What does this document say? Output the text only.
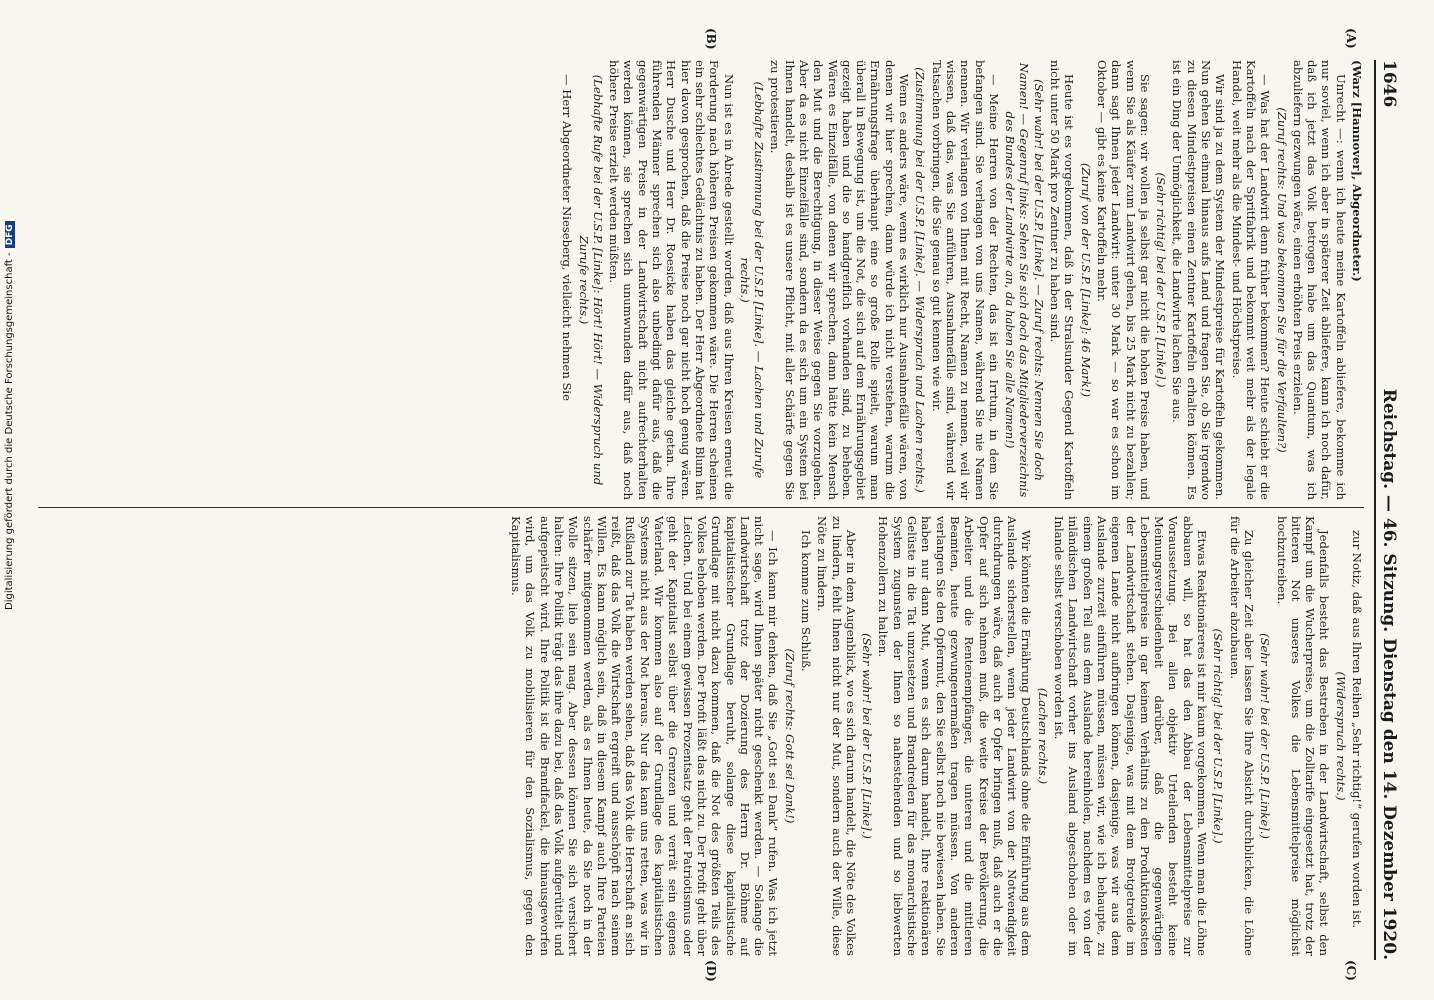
1646
Reichstag. — 46. Sitzung. Dienstag den 14. Dezember 1920.
(A)
(B)
(C)
(D)

(Warz [Hannover], Abgeordneter.)

Unrecht —: wenn ich heute meine Kartoffeln abliefere, bekomme ich nur soviel, wenn ich aber in späterer Zeit abliefere, kann ich noch dafür, daß ich jetzt das Volk betrogen habe um das Quantum, was ich abzuliefern gezwungen wäre, einen erhöhten Preis erzielen.

(Zuruf rechts: Und was bekommen Sie für die Verfaulten?)

— Was hat der Landwirt denn früher bekommen? Heute schiebt er die Kartoffeln nach der Spritfabrik und bekommt weit mehr als der legale Handel, weit mehr als die Mindest- und Höchstpreise.

Wir sind ja zu dem System der Mindestpreise für Kartoffeln gekommen. Nun gehen Sie einmal hinaus aufs Land und fragen Sie, ob Sie irgendwo zu diesen Mindestpreisen einen Zentner Kartoffeln erhalten können. Es ist ein Ding der Unmöglichkeit, die Landwirte lachen Sie aus.

(Sehr richtig! bei der U.S.P. [Linke].)

Sie sagen: wir wollen ja selbst gar nicht die hohen Preise haben, und wenn Sie als Käufer zum Landwirt gehen, bis 25 Mark nicht zu bezahlen; dann sagt Ihnen jeder Landwirt: unter 30 Mark — so war es schon im Oktober — gibt es keine Kartoffeln mehr.

(Zuruf von der U.S.P. [Linke]: 46 Mark!)

Heute ist es vorgekommen, daß in der Stralsunder Gegend Kartoffeln nicht unter 50 Mark pro Zentner zu haben sind.

(Sehr wahr! bei der U.S.P. [Linke]. — Zuruf rechts: Nennen Sie doch Namen! — Gegenruf links: Sehen Sie sich doch das Mitgliederverzeichnis des Bundes der Landwirte an, da haben Sie alle Namen!)

— Meine Herren von der Rechten, das ist ein Irrtum, in dem Sie befangen sind. Sie verlangen von uns Namen, während Sie nie Namen nennen. Wir verlangen von Ihnen mit Recht, Namen zu nennen, weil wir wissen, daß das, was Sie anführen, Ausnahmefälle sind, während wir Tatsachen vorbringen, die Sie genau so gut kennen wie wir.

(Zustimmung bei der U.S.P. [Linke]. — Widerspruch und Lachen rechts.)

Wenn es anders wäre, wenn es wirklich nur Ausnahmefälle wären, von denen wir hier sprechen, dann würde ich nicht verstehen, warum die Ernährungsfrage überhaupt eine so große Rolle spielt, warum man überall in Bewegung ist, um die Not, die sich auf dem Ernährungsgebiet gezeigt haben und die so handgreiflich vorhanden sind, zu beheben. Wären es Einzelfälle, von denen wir sprechen, dann hätte kein Mensch den Mut und die Berechtigung, in dieser Weise gegen Sie vorzugehen. Aber da es nicht Einzelfälle sind, sondern da es sich um ein System bei Ihnen handelt, deshalb ist es unsere Pflicht, mit aller Schärfe gegen Sie zu protestieren.

(Lebhafte Zustimmung bei der U.S.P. [Linke]. — Lachen und Zurufe rechts.)

Nun ist es in Abrede gestellt worden, daß aus Ihren Kreisen erneut die Forderung nach höheren Preisen gekommen wäre. Die Herren scheinen ein sehr schlechtes Gedächtnis zu haben. Der Herr Abgeordnete Blum hat hier davon gesprochen, daß die Preise noch gar nicht hoch genug wären. Herr Dusche und Herr Dr. Roesicke haben das gleiche getan. Ihre führenden Männer sprechen sich also unbedingt dafür aus, daß die gegenwärtigen Preise in der Landwirtschaft nicht aufrechterhalten werden können, sie sprechen sich unumwunden dafür aus, daß noch höhere Preise erzielt werden müßten.

(Lebhafte Rufe bei der U.S.P. [Linke]: Hört! Hört! — Widerspruch und Zurufe rechts.)

— Herr Abgeordneter Nieseberg, vielleicht nehmen Sie

zur Notiz, daß aus Ihren Reihen „Sehr richtig!“ gerufen worden ist.

(Widerspruch rechts.)

Jedenfalls besteht das Bestreben in der Landwirtschaft, selbst den Kampf um die Wucherpreise, um die Zolltarife eingesetzt hat, trotz der bitteren Not unseres Volkes die Lebensmittelpreise möglichst hochzutreiben.

(Sehr wahr! bei der U.S.P. [Linke].)

Zu gleicher Zeit aber lassen Sie Ihre Absicht durchblicken, die Löhne für die Arbeiter abzubauen.

(Sehr richtig! bei der U.S.P. [Linke].)

Etwas Reaktionäreres ist mir kaum vorgekommen. Wenn man die Löhne abbauen will, so hat das den Abbau der Lebensmittelpreise zur Voraussetzung. Bei allen objektiv Urteilenden besteht keine Meinungsverschiedenheit darüber, daß die gegenwärtigen Lebensmittelpreise in gar keinem Verhältnis zu den Produktionskosten der Landwirtschaft stehen. Dasjenige, was mit dem Brotgetreide im eigenen Lande nicht aufbringen können, dasjenige, was wir aus dem Auslande zurzeit einführen müssen, müssen wir, wie ich behaupte, zu einem großen Teil aus dem Auslande hereinholen, nachdem es von der inländischen Landwirtschaft vorher ins Ausland abgeschoben oder im Inlande selbst verschoben worden ist.

(Lachen rechts.)

Wir könnten die Ernährung Deutschlands ohne die Einführung aus dem Auslande sicherstellen, wenn jeder Landwirt von der Notwendigkeit durchdrungen wäre, daß auch er Opfer bringen muß, daß auch er die Opfer auf sich nehmen muß, die weite Kreise der Bevölkerung, die Arbeiter und die Rentenempfänger, die unteren und die mittleren Beamten, heute gezwungenermaßen tragen müssen. Von anderen verlangen Sie den Opfermut, den Sie selbst noch nie bewiesen haben. Sie haben nur dann Mut, wenn es sich darum handelt, Ihre reaktionären Gelüste in die Tat umzusetzen und Brandreden für das monarchistische System zugunsten der Ihnen so nahestehenden und so liebwerten Hohenzollern zu halten.

(Sehr wahr! bei der U.S.P. [Linke].)

Aber in dem Augenblick, wo es sich darum handelt, die Nöte des Volkes zu lindern, fehlt Ihnen nicht nur der Mut, sondern auch der Wille, diese Nöte zu lindern.

Ich komme zum Schluß.

(Zuruf rechts: Gott sei Dank!)

— Ich kann mir denken, daß Sie „Gott sei Dank“ rufen. Was ich jetzt nicht sage, wird Ihnen später nicht geschenkt werden. — Solange die Landwirtschaft trotz der Dozierung des Herrn Dr. Böhme auf kapitalistischer Grundlage beruht, solange diese kapitalistische Grundlage mit nicht dazu kommen, daß die Not des größten Teils des Volkes behoben werden. Der Profit läßt das nicht zu. Der Profit geht über Leichen. Und bei einem gewissen Prozentsatz geht der Patriotismus oder geht der Kapitalist selbst über die Grenzen und verrät sein eigenes Vaterland. Wir kommen also auf der Grundlage des kapitalistischen Systems nicht aus der Not heraus. Nur das kann uns retten, was wir in Rußland zur Tat haben werden sehen, daß das Volk die Herrschaft an sich reißt, daß das Volk die Wirtschaft ergreift und ausschöpft nach seinem Willen. Es kann möglich sein, daß in diesem Kampf auch Ihre Parteien schärfer mitgenommen werden, als es Ihnen heute, da Sie noch in der Wolle sitzen, lieb sein mag. Aber dessen können Sie sich versichert halten: Ihre Politik trägt das ihre dazu bei, daß das Volk aufgerüttelt und aufgepeitscht wird. Ihre Politik ist die Brandfackel, die hinausgeworfen wird, um das Volk zu mobilisieren für den Sozialismus, gegen den Kapitalismus.

Digitalisierung gefördert durch die Deutsche Forschungsgemeinschaft -DFG
